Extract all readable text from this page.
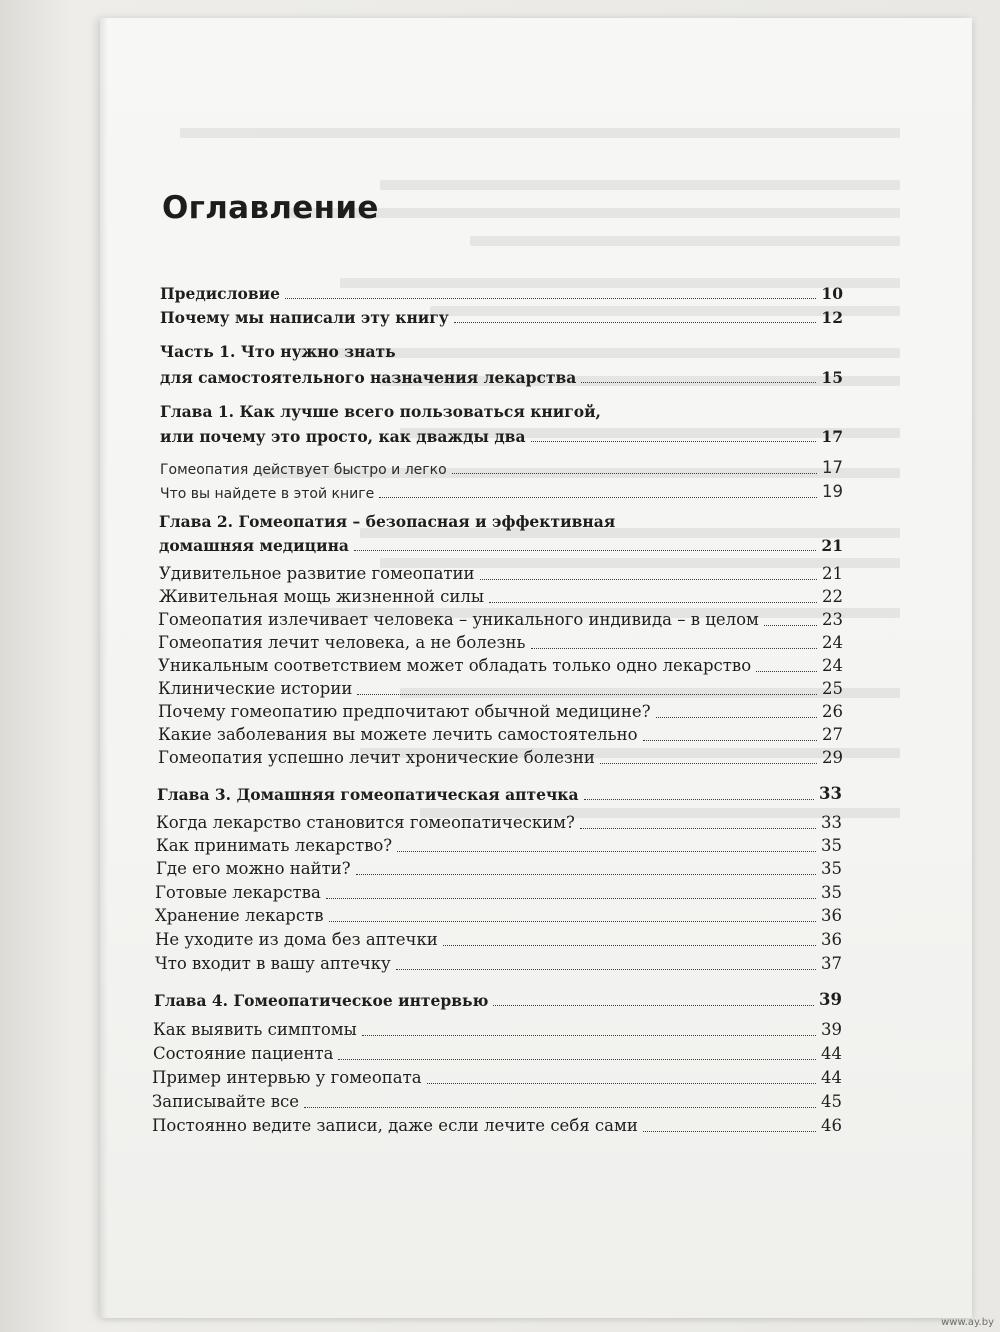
Оглавление
Предисловие	10
Почему мы написали эту книгу	12
Часть 1. Что нужно знать
для самостоятельного назначения лекарства	15
Глава 1. Как лучше всего пользоваться книгой,
или почему это просто, как дважды два	17
Гомеопатия действует быстро и легко	17
Что вы найдете в этой книге	19
Глава 2. Гомеопатия – безопасная и эффективная
домашняя медицина	21
Удивительное развитие гомеопатии	21
Живительная мощь жизненной силы	22
Гомеопатия излечивает человека – уникального индивида – в целом	23
Гомеопатия лечит человека, а не болезнь	24
Уникальным соответствием может обладать только одно лекарство	24
Клинические истории	25
Почему гомеопатию предпочитают обычной медицине?	26
Какие заболевания вы можете лечить самостоятельно	27
Гомеопатия успешно лечит хронические болезни	29
Глава 3. Домашняя гомеопатическая аптечка	33
Когда лекарство становится гомеопатическим?	33
Как принимать лекарство?	35
Где его можно найти?	35
Готовые лекарства	35
Хранение лекарств	36
Не уходите из дома без аптечки	36
Что входит в вашу аптечку	37
Глава 4. Гомеопатическое интервью	39
Как выявить симптомы	39
Состояние пациента	44
Пример интервью у гомеопата	44
Записывайте все	45
Постоянно ведите записи, даже если лечите себя сами	46
www.ay.by
